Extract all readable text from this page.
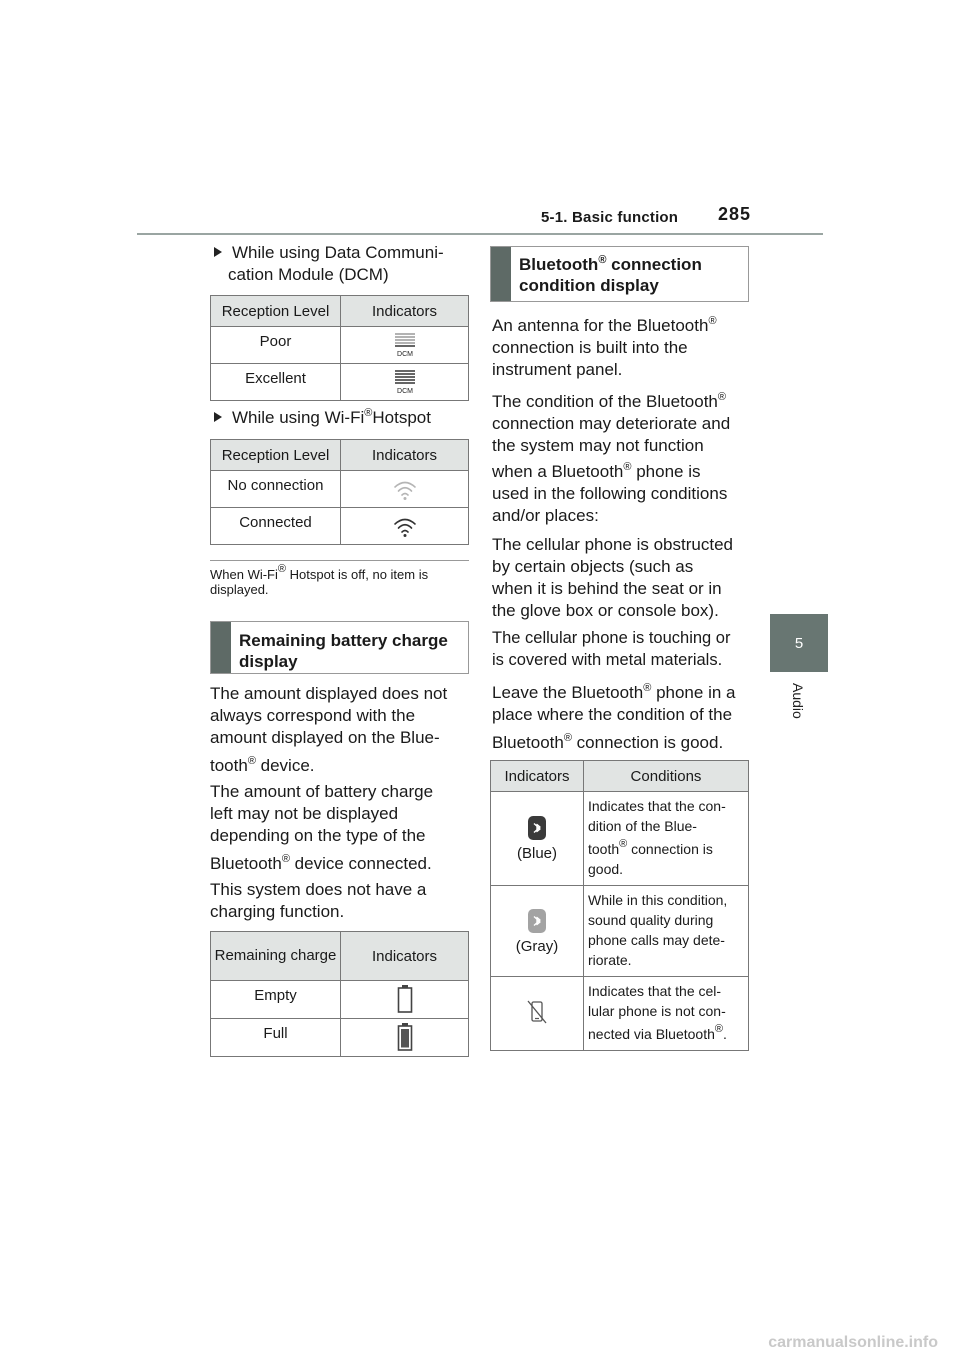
5-1. Basic function 285
5
Audio
While using Data Communi-
cation Module (DCM)
Reception Level	Indicators

Poor	DCM

Excellent	DCM
While using Wi-Fi®Hotspot
Reception Level	Indicators

No connection

Connected

When Wi-Fi® Hotspot is off, no item is displayed.
Remaining battery charge display
The amount displayed does not
always correspond with the
amount displayed on the Blue-

tooth® device.
The amount of battery charge
left may not be displayed
depending on the type of the

Bluetooth® device connected.
This system does not have a
charging function.
Remaining charge	Indicators

Empty

Full

Bluetooth® connection condition display
An antenna for the Bluetooth®
connection is built into the
instrument panel.
The condition of the Bluetooth®
connection may deteriorate and
the system may not function

when a Bluetooth® phone is
used in the following conditions
and/or places:
The cellular phone is obstructed
by certain objects (such as
when it is behind the seat or in
the glove box or console box).
The cellular phone is touching or
is covered with metal materials.
Leave the Bluetooth® phone in a
place where the condition of the

Bluetooth® connection is good.
Indicators	Conditions

(Blue)	Indicates that the con-
dition of the Blue-

tooth® connection is
good.

(Gray)	While in this condition,
sound quality during
phone calls may dete-
riorate.
	Indicates that the cel-
lular phone is not con-

nected via Bluetooth®.
carmanualsonline.info
